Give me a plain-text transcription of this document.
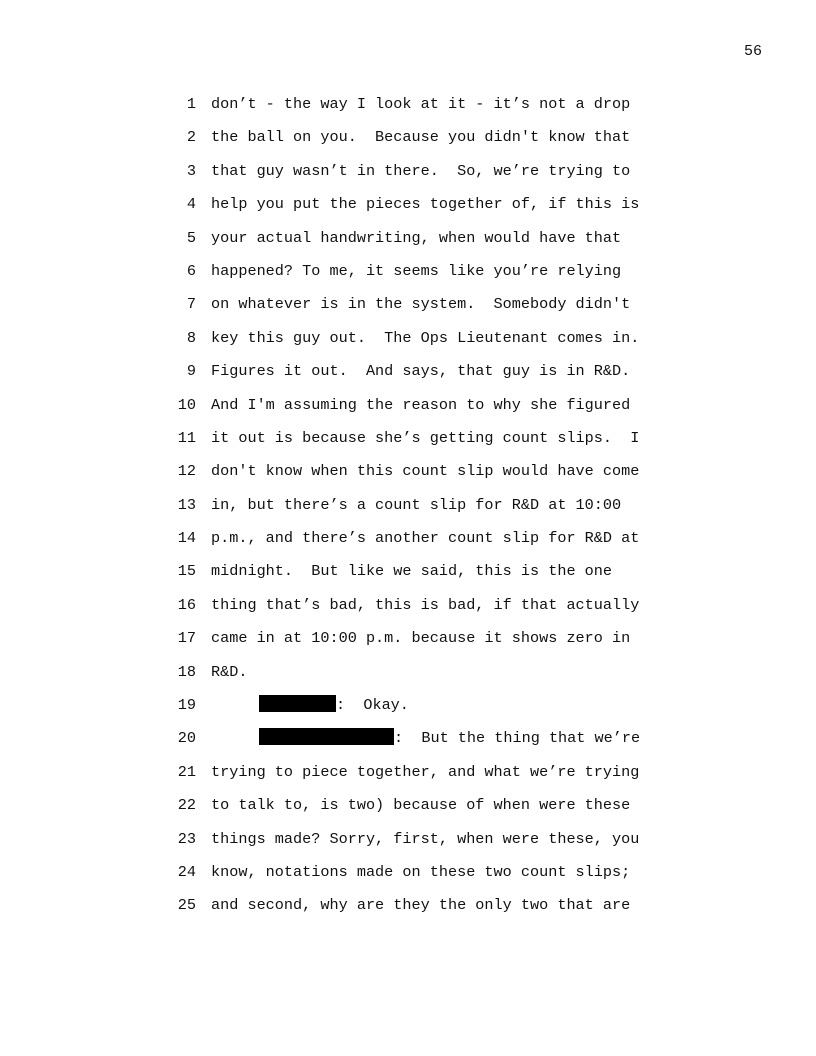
56
1 don’t - the way I look at it - it’s not a drop
2 the ball on you.  Because you didn't know that
3 that guy wasn’t in there.  So, we’re trying to
4 help you put the pieces together of, if this is
5 your actual handwriting, when would have that
6 happened? To me, it seems like you’re relying
7 on whatever is in the system.  Somebody didn't
8 key this guy out.  The Ops Lieutenant comes in.
9 Figures it out.  And says, that guy is in R&D.
10 And I'm assuming the reason to why she figured
11 it out is because she’s getting count slips.  I
12 don't know when this count slip would have come
13 in, but there’s a count slip for R&D at 10:00
14 p.m., and there’s another count slip for R&D at
15 midnight.  But like we said, this is the one
16 thing that’s bad, this is bad, if that actually
17 came in at 10:00 p.m. because it shows zero in
18 R&D.
19	:  Okay.
20	:  But the thing that we’re
21 trying to piece together, and what we’re trying
22 to talk to, is two) because of when were these
23 things made? Sorry, first, when were these, you
24 know, notations made on these two count slips;
25 and second, why are they the only two that are
